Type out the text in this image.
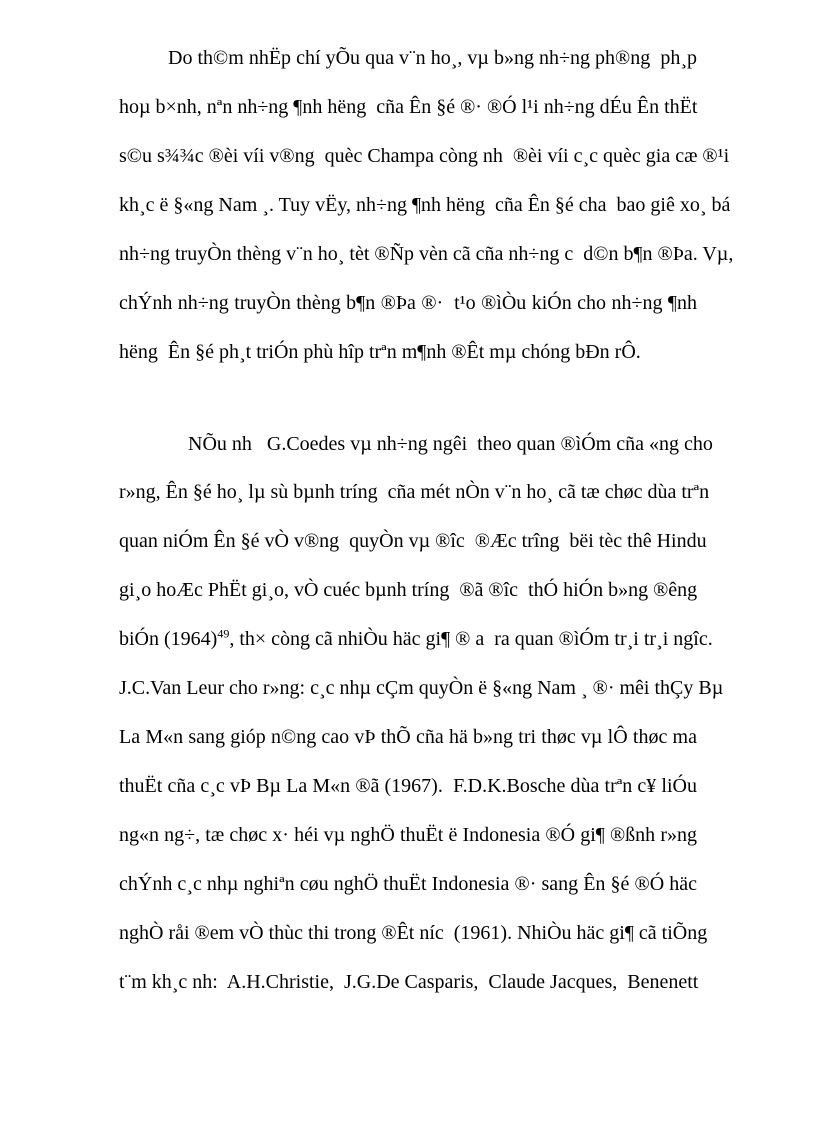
Do th©m nhËp chí yÕu qua v¨n ho¸, vµ b»ng nh÷ng ph®ng  ph¸p
hoµ b×nh, nªn nh÷ng ¶nh hëng  cña Ên §é ®· ®Ó l¹i nh÷ng dÉu Ên thËt
s©u s¾¾c ®èi víi v®ng  quèc Champa còng nh  ®èi víi c¸c quèc gia cæ ®¹i
kh¸c ë §«ng Nam ¸. Tuy vËy, nh÷ng ¶nh hëng  cña Ên §é cha  bao giê xo¸ bá
nh÷ng truyÒn thèng v¨n ho¸ tèt ®Ñp vèn cã cña nh÷ng c  d©n b¶n ®Þa. Vµ,
chÝnh nh÷ng truyÒn thèng b¶n ®Þa ®·  t¹o ®ìÒu kiÓn cho nh÷ng ¶nh
hëng  Ên §é ph¸t triÓn phù hîp trªn m¶nh ®Êt mµ chóng bÐn rÔ.
NÕu nh   G.Coedes vµ nh÷ng ngêi  theo quan ®ìÓm cña «ng cho
r»ng, Ên §é ho¸ lµ sù bµnh tríng  cña mét nÒn v¨n ho¸ cã tæ chøc dùa trªn
quan niÓm Ên §é vÒ v®ng  quyÒn vµ ®îc  ®Æc trîng  bëi tèc thê Hindu
gi¸o hoÆc PhËt gi¸o, vÒ cuéc bµnh tríng  ®ã ®îc  thÓ hiÓn b»ng ®êng
biÓn $(1964)^{49}$, th× còng cã nhiÒu häc gi¶ ® a  ra quan ®ìÓm tr¸i tr¸i ngîc.
J.C.Van Leur cho r»ng: c¸c nhµ cÇm quyÒn ë §«ng Nam ¸ ®· mêi thÇy Bµ
La M«n sang gióp n©ng cao vÞ thÕ cña hä b»ng tri thøc vµ lÔ thøc ma
thuËt cña c¸c vÞ Bµ La M«n ®ã (1967).  F.D.K.Bosche dùa trªn c¥ liÓu
ng«n ng÷, tæ chøc x· héi vµ nghÖ thuËt ë Indonesia ®Ó gi¶ ®ßnh r»ng
chÝnh c¸c nhµ nghiªn cøu nghÖ thuËt Indonesia ®· sang Ên §é ®Ó häc
nghÒ råi ®em vÒ thùc thi trong ®Êt níc  (1961). NhiÒu häc gi¶ cã tiÕng
t¨m kh¸c nh:  A.H.Christie,  J.G.De Casparis,  Claude Jacques,  Benenett
